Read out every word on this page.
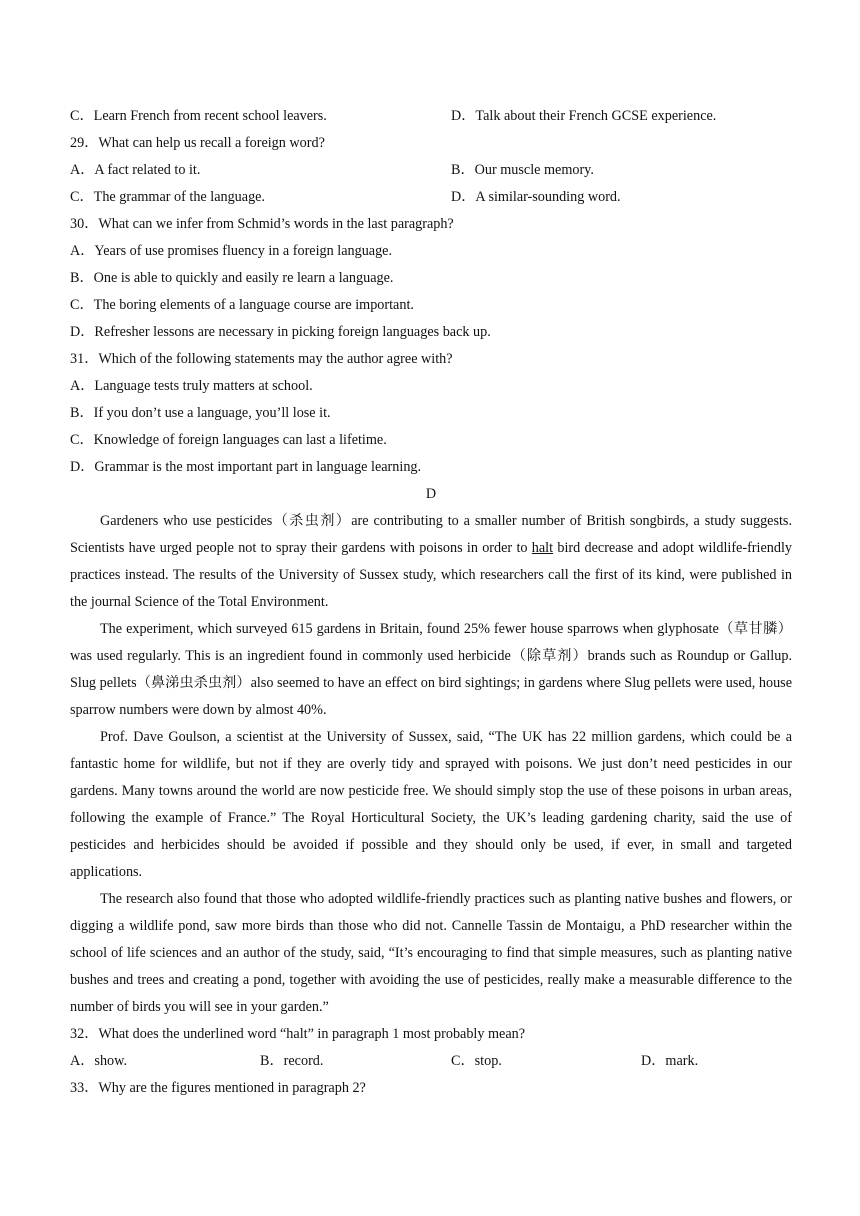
C．Learn French from recent school leavers.	D．Talk about their French GCSE experience.
29．What can help us recall a foreign word?
A．A fact related to it.	B．Our muscle memory.
C．The grammar of the language.	D．A similar-sounding word.
30．What can we infer from Schmid’s words in the last paragraph?
A．Years of use promises fluency in a foreign language.
B．One is able to quickly and easily re learn a language.
C．The boring elements of a language course are important.
D．Refresher lessons are necessary in picking foreign languages back up.
31．Which of the following statements may the author agree with?
A．Language tests truly matters at school.
B．If you don’t use a language, you’ll lose it.
C．Knowledge of foreign languages can last a lifetime.
D．Grammar is the most important part in language learning.
D

Gardeners who use pesticides（杀虫剂）are contributing to a smaller number of British songbirds, a study suggests. Scientists have urged people not to spray their gardens with poisons in order to halt bird decrease and adopt wildlife-friendly practices instead. The results of the University of Sussex study, which researchers call the first of its kind, were published in the journal Science of the Total Environment.

The experiment, which surveyed 615 gardens in Britain, found 25% fewer house sparrows when glyphosate（草甘膦）was used regularly. This is an ingredient found in commonly used herbicide（除草剂）brands such as Roundup or Gallup. Slug pellets（鼻涕虫杀虫剂）also seemed to have an effect on bird sightings; in gardens where Slug pellets were used, house sparrow numbers were down by almost 40%.

Prof. Dave Goulson, a scientist at the University of Sussex, said, “The UK has 22 million gardens, which could be a fantastic home for wildlife, but not if they are overly tidy and sprayed with poisons. We just don’t need pesticides in our gardens. Many towns around the world are now pesticide free. We should simply stop the use of these poisons in urban areas, following the example of France.” The Royal Horticultural Society, the UK’s leading gardening charity, said the use of pesticides and herbicides should be avoided if possible and they should only be used, if ever, in small and targeted applications.

The research also found that those who adopted wildlife-friendly practices such as planting native bushes and flowers, or digging a wildlife pond, saw more birds than those who did not. Cannelle Tassin de Montaigu, a PhD researcher within the school of life sciences and an author of the study, said, “It’s encouraging to find that simple measures, such as planting native bushes and trees and creating a pond, together with avoiding the use of pesticides, really make a measurable difference to the number of birds you will see in your garden.”

32．What does the underlined word “halt” in paragraph 1 most probably mean?
A．show.	B．record.	C．stop.	D．mark.
33．Why are the figures mentioned in paragraph 2?
